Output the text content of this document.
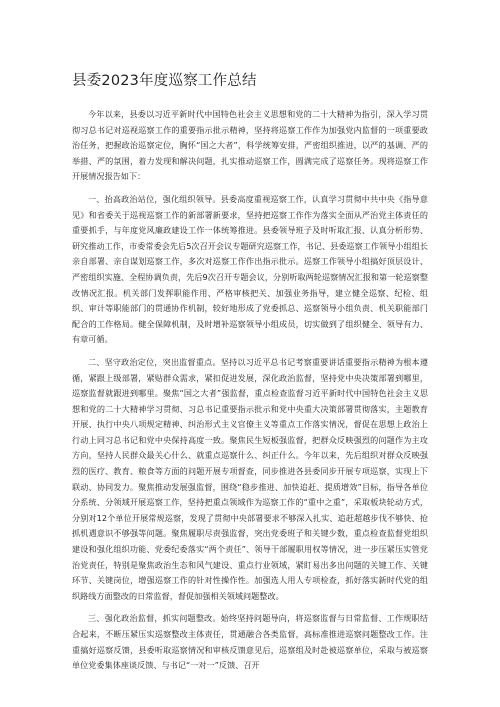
县委2023年度巡察工作总结

今年以来，县委以习近平新时代中国特色社会主义思想和党的二十大精神为指引，深入学习贯彻习总书记对巡视巡察工作的重要指示批示精神，坚持将巡察工作作为加强党内监督的一项重要政治任务，把握政治巡察定位，胸怀“国之大者”，科学统筹安排，严密组织推进，以严的基调、严的举措、严的氛围，着力发现和解决问题，扎实推动巡察工作，圆满完成了巡察任务。现将巡察工作开展情况报告如下：

一、抬高政治站位，强化组织领导。县委高度重视巡察工作，认真学习贯彻中共中央《指导意见》和省委关于巡视巡察工作的新部署新要求，坚持把巡察工作作为落实全面从严治党主体责任的重要抓手，与年度党风廉政建设工作一体统筹推进。县委领导班子及时听取汇报、认真分析形势、研究推动工作，市委常委会先后5次召开会议专题研究巡察工作，书记、县委巡察工作领导小组组长亲自部署、亲自谋划巡察工作，多次对巡察工作作出指示批示。巡察工作领导小组搞好顶层设计、严密组织实施、全程协调负责，先后9次召开专题会议，分别听取两轮巡察情况汇报和第一轮巡察整改情况汇报。机关部门发挥职能作用、严格审核把关、加强业务指导，建立健全巡察、纪检、组织、审计等职能部门的贯通协作机制，较好地形成了党委抓总、巡察领导小组负责、机关职能部门配合的工作格局。健全保障机制，及时增补巡察领导小组成员，切实做到了组织健全、领导有力、有章可循。

二、坚守政治定位，突出监督重点。坚持以习近平总书记考察重要讲话重要指示精神为根本遵循，紧跟上级部署，紧贴群众需求，紧扣促进发展，深化政治监督，坚持党中央决策部署到哪里，巡察监督就跟进到哪里。聚焦“国之大者”强监督，重点检查监督习近平新时代中国特色社会主义思想和党的二十大精神学习贯彻、习总书记重要指示批示和党中央重大决策部署贯彻落实，主题教育开展、执行中央八项规定精神、纠治形式主义官僚主义等重点工作落实情况，督促在思想上政治上行动上同习总书记和党中央保持高度一致。聚焦民生短板强监督，把群众反映强烈的问题作为主攻方向，坚持人民群众最关心什么、就重点巡察什么、纠正什么。今年以来，先后组织对群众反映强烈的医疗、教育、粮食等方面的问题开展专项督查，同步推进各县委同步开展专项巡察，实现上下联动、协同发力。聚焦推动发展强监督，围绕“稳步推进、加快追赶、提质增效”目标，指导各单位分系统、分领域开展巡察工作，坚持把重点领域作为巡察工作的“重中之重”，采取板块轮动方式，分别对12个单位开展常规巡察，发现了贯彻中央部署要求不够深入扎实、追赶超越步伐不够快、抢抓机遇意识不够强等问题。聚焦履职尽责强监督，突出党委班子和关键少数，重点检查监督党组织建设和强化组织功能、党委纪委落实“两个责任”、领导干部履职用权等情况，进一步压紧压实管党治党责任，特别是聚焦政治生态和风气建设、重点行业领域，紧盯易出多出问题的关键工作、关键环节、关键岗位，增强巡察工作的针对性操作性。加强选人用人专项检查，抓好落实新时代党的组织路线方面整改的日常监督，督促加强相关领域问题整改。

三、强化政治监督，抓实问题整改。始终坚持问题导向，将巡察监督与日常监督、工作规职结合起来，不断压紧压实巡察整改主体责任，贯通融合各类监督，高标准推进巡察问题整改工作。注重搞好巡察反馈，县委听取巡察情况和审核反馈意见后，巡察组及时赴被巡察单位，采取与被巡察单位党委集体座谈反馈、与书记“一对一”反馈、召开
